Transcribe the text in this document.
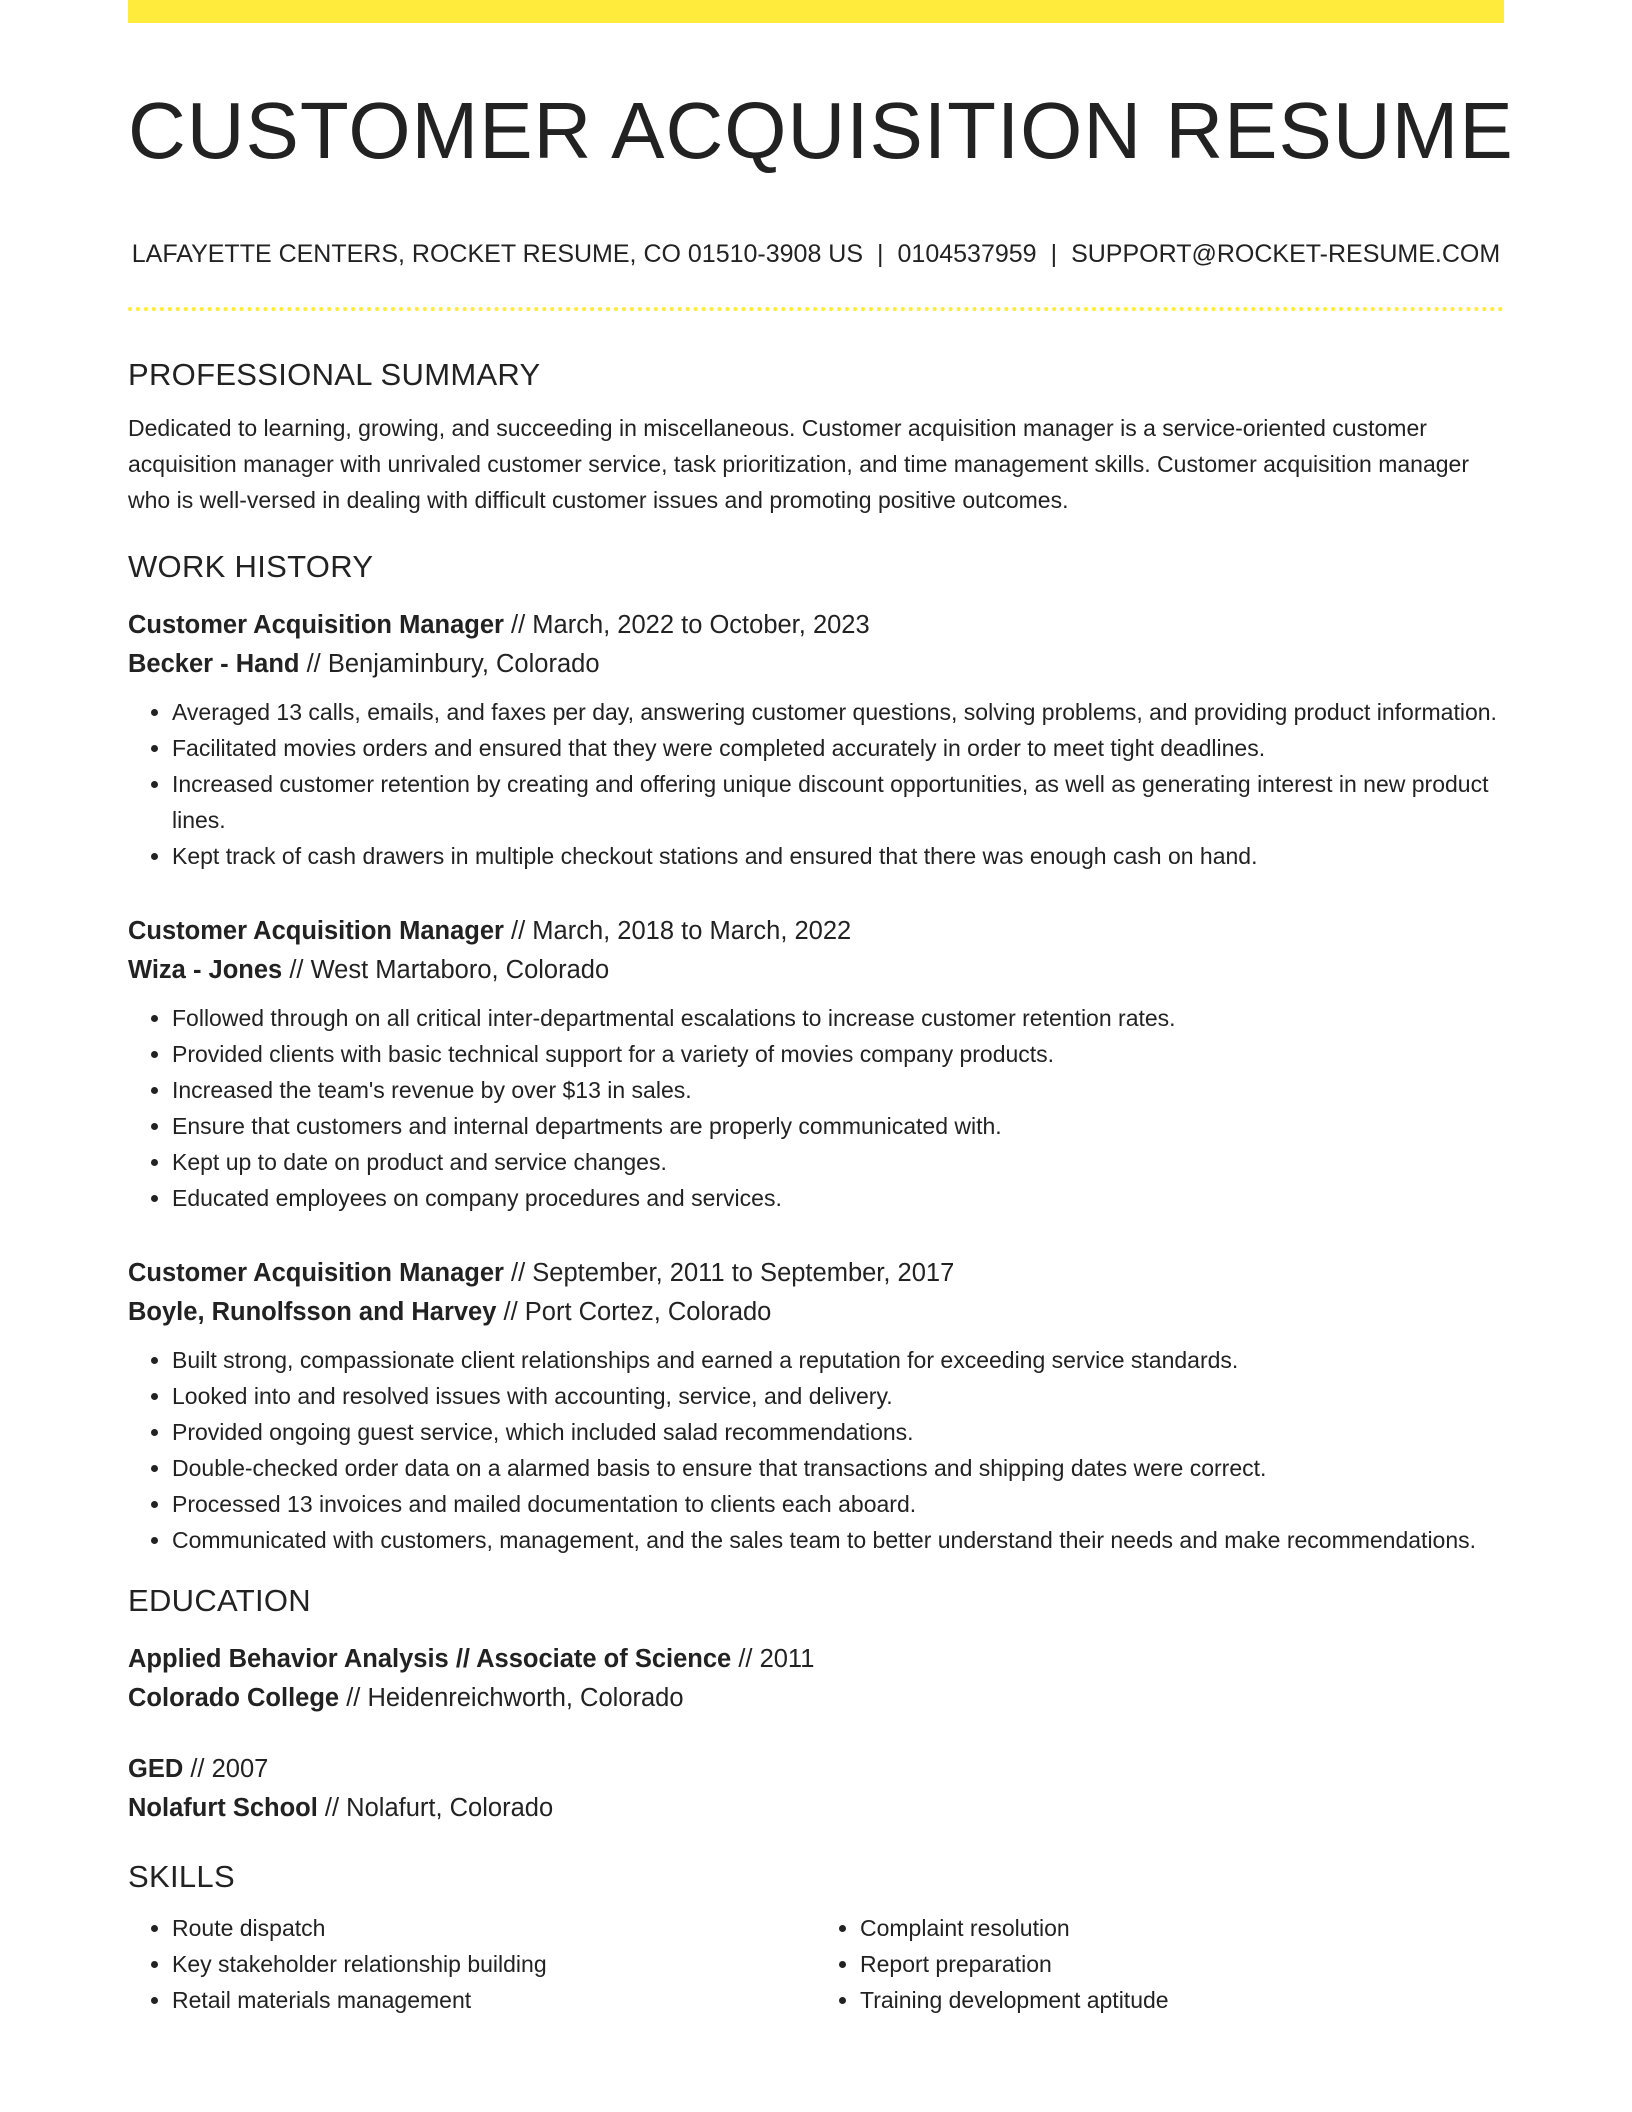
CUSTOMER ACQUISITION RESUME
LAFAYETTE CENTERS, ROCKET RESUME, CO 01510-3908 US | 0104537959 | SUPPORT@ROCKET-RESUME.COM
PROFESSIONAL SUMMARY

Dedicated to learning, growing, and succeeding in miscellaneous. Customer acquisition manager is a service-oriented customer acquisition manager with unrivaled customer service, task prioritization, and time management skills. Customer acquisition manager who is well-versed in dealing with difficult customer issues and promoting positive outcomes.

WORK HISTORY
Customer Acquisition Manager // March, 2022 to October, 2023
Becker - Hand // Benjaminbury, Colorado
• Averaged 13 calls, emails, and faxes per day, answering customer questions, solving problems, and providing product information.
• Facilitated movies orders and ensured that they were completed accurately in order to meet tight deadlines.
• Increased customer retention by creating and offering unique discount opportunities, as well as generating interest in new product lines.
• Kept track of cash drawers in multiple checkout stations and ensured that there was enough cash on hand.
Customer Acquisition Manager // March, 2018 to March, 2022
Wiza - Jones // West Martaboro, Colorado
• Followed through on all critical inter-departmental escalations to increase customer retention rates.
• Provided clients with basic technical support for a variety of movies company products.
• Increased the team's revenue by over $13 in sales.
• Ensure that customers and internal departments are properly communicated with.
• Kept up to date on product and service changes.
• Educated employees on company procedures and services.
Customer Acquisition Manager // September, 2011 to September, 2017
Boyle, Runolfsson and Harvey // Port Cortez, Colorado
• Built strong, compassionate client relationships and earned a reputation for exceeding service standards.
• Looked into and resolved issues with accounting, service, and delivery.
• Provided ongoing guest service, which included salad recommendations.
• Double-checked order data on a alarmed basis to ensure that transactions and shipping dates were correct.
• Processed 13 invoices and mailed documentation to clients each aboard.
• Communicated with customers, management, and the sales team to better understand their needs and make recommendations.
EDUCATION
Applied Behavior Analysis // Associate of Science // 2011
Colorado College // Heidenreichworth, Colorado
GED // 2007
Nolafurt School // Nolafurt, Colorado
SKILLS
• Route dispatch
• Key stakeholder relationship building
• Retail materials management
• Complaint resolution
• Report preparation
• Training development aptitude
